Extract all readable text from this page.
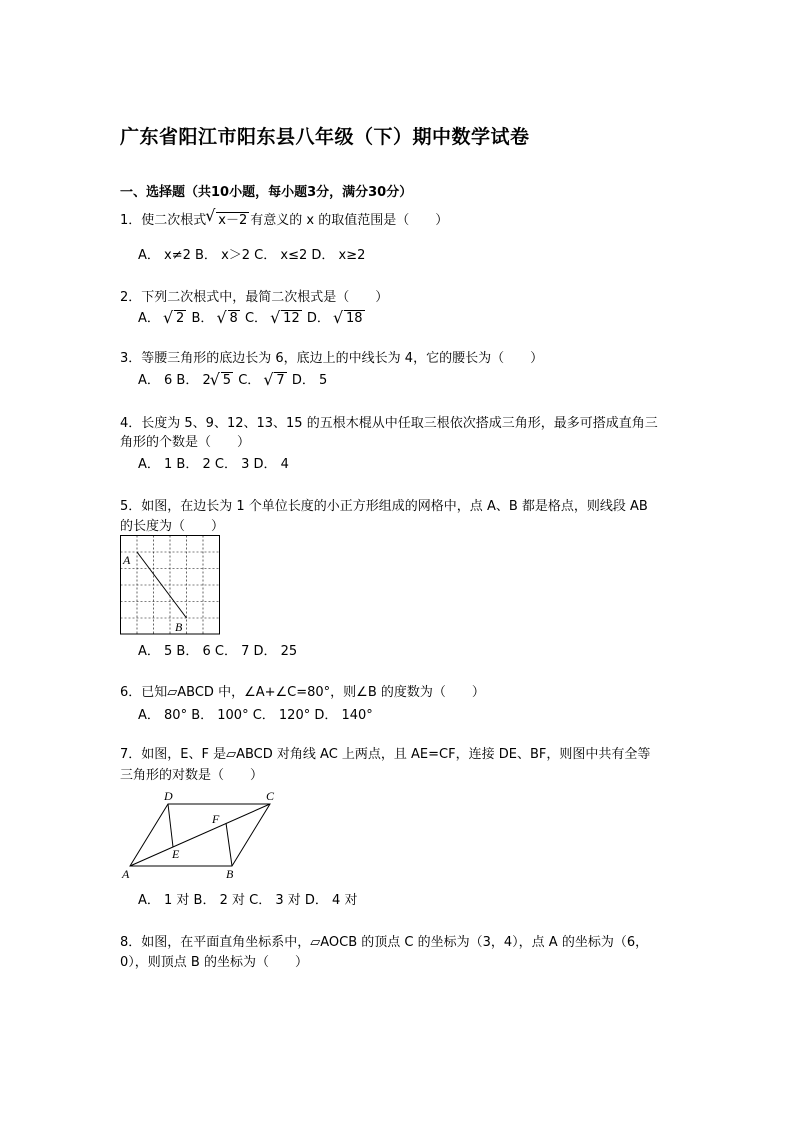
广东省阳江市阳东县八年级（下）期中数学试卷
一、选择题（共10小题，每小题3分，满分30分）
1．使二次根式 √ x－2 有意义的 x 的取值范围是（　　）
A． x≠2 B． x＞2 C． x≤2 D． x≥2
2．下列二次根式中，最简二次根式是（　　）
A． √ 2 B． √ 8 C． √ 12 D． √ 18
3．等腰三角形的底边长为 6，底边上的中线长为 4，它的腰长为（　　）
A． 6 B． 2 √ 5 C． √ 7 D． 5
4．长度为 5、9、12、13、15 的五根木棍从中任取三根依次搭成三角形，最多可搭成直角三
角形的个数是（　　）
A． 1 B． 2 C． 3 D． 4
5．如图，在边长为 1 个单位长度的小正方形组成的网格中，点 A、B 都是格点，则线段 AB
的长度为（　　）
A
B
A． 5 B． 6 C． 7 D． 25
6．已知▱ABCD 中，∠A+∠C=80°，则∠B 的度数为（　　）
A． 80° B． 100° C． 120° D． 140°
7．如图，E、F 是▱ABCD 对角线 AC 上两点，且 AE=CF，连接 DE、BF，则图中共有全等
三角形的对数是（　　）
A	B
C
D
E
F
A． 1 对 B． 2 对 C． 3 对 D． 4 对
8．如图，在平面直角坐标系中，▱AOCB 的顶点 C 的坐标为（3，4），点 A 的坐标为（6，
0），则顶点 B 的坐标为（　　）
